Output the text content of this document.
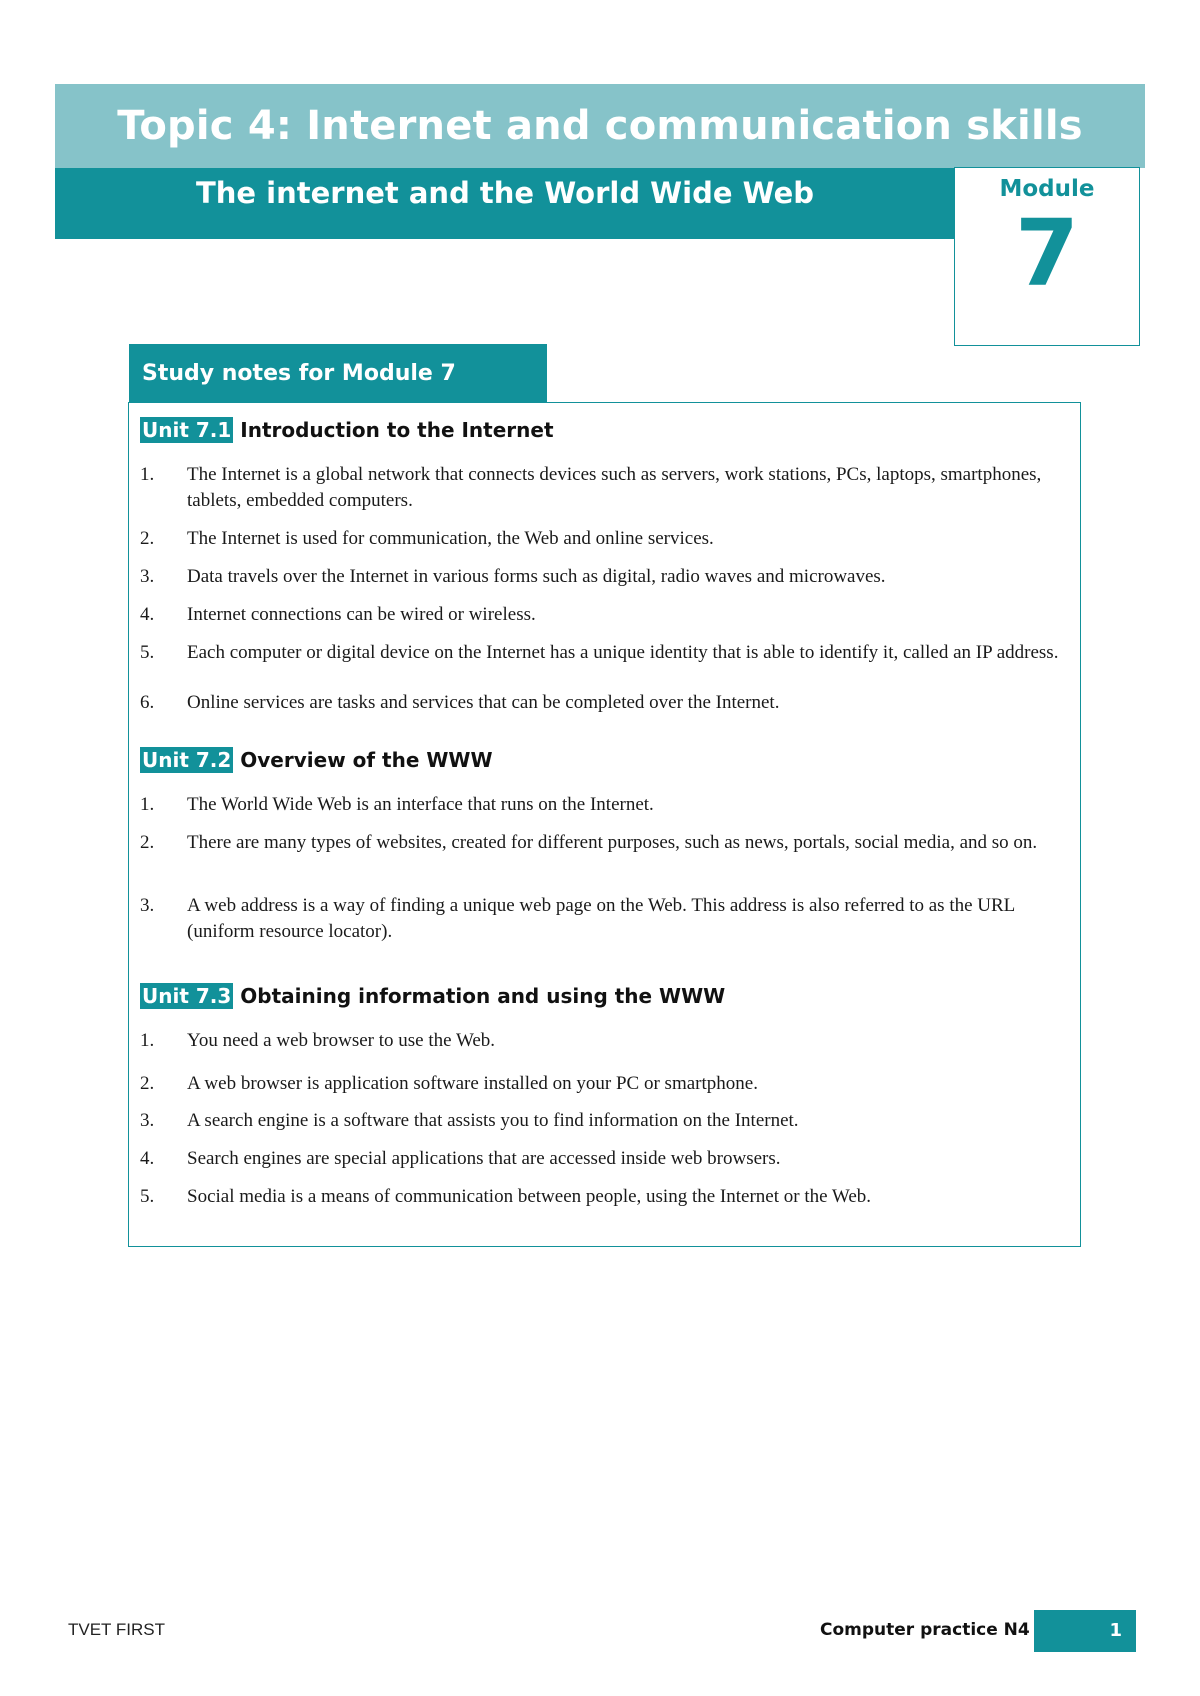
Topic 4: Internet and communication skills
The internet and the World Wide Web	Module
7
Study notes for Module 7
Unit 7.1 Introduction to the Internet
1. The Internet is a global network that connects devices such as servers, work stations, PCs, laptops, smartphones, tablets, embedded computers.
2. The Internet is used for communication, the Web and online services.
3. Data travels over the Internet in various forms such as digital, radio waves and microwaves.
4. Internet connections can be wired or wireless.
5. Each computer or digital device on the Internet has a unique identity that is able to identify it, called an IP address.
6. Online services are tasks and services that can be completed over the Internet.
Unit 7.2 Overview of the WWW
1. The World Wide Web is an interface that runs on the Internet.
2. There are many types of websites, created for different purposes, such as news, portals, social media, and so on.
3. A web address is a way of finding a unique web page on the Web. This address is also referred to as the URL (uniform resource locator).
Unit 7.3 Obtaining information and using the WWW
1. You need a web browser to use the Web.
2. A web browser is application software installed on your PC or smartphone.
3. A search engine is a software that assists you to find information on the Internet.
4. Search engines are special applications that are accessed inside web browsers.
5. Social media is a means of communication between people, using the Internet or the Web.
TVET FIRST	Computer practice N4	1
